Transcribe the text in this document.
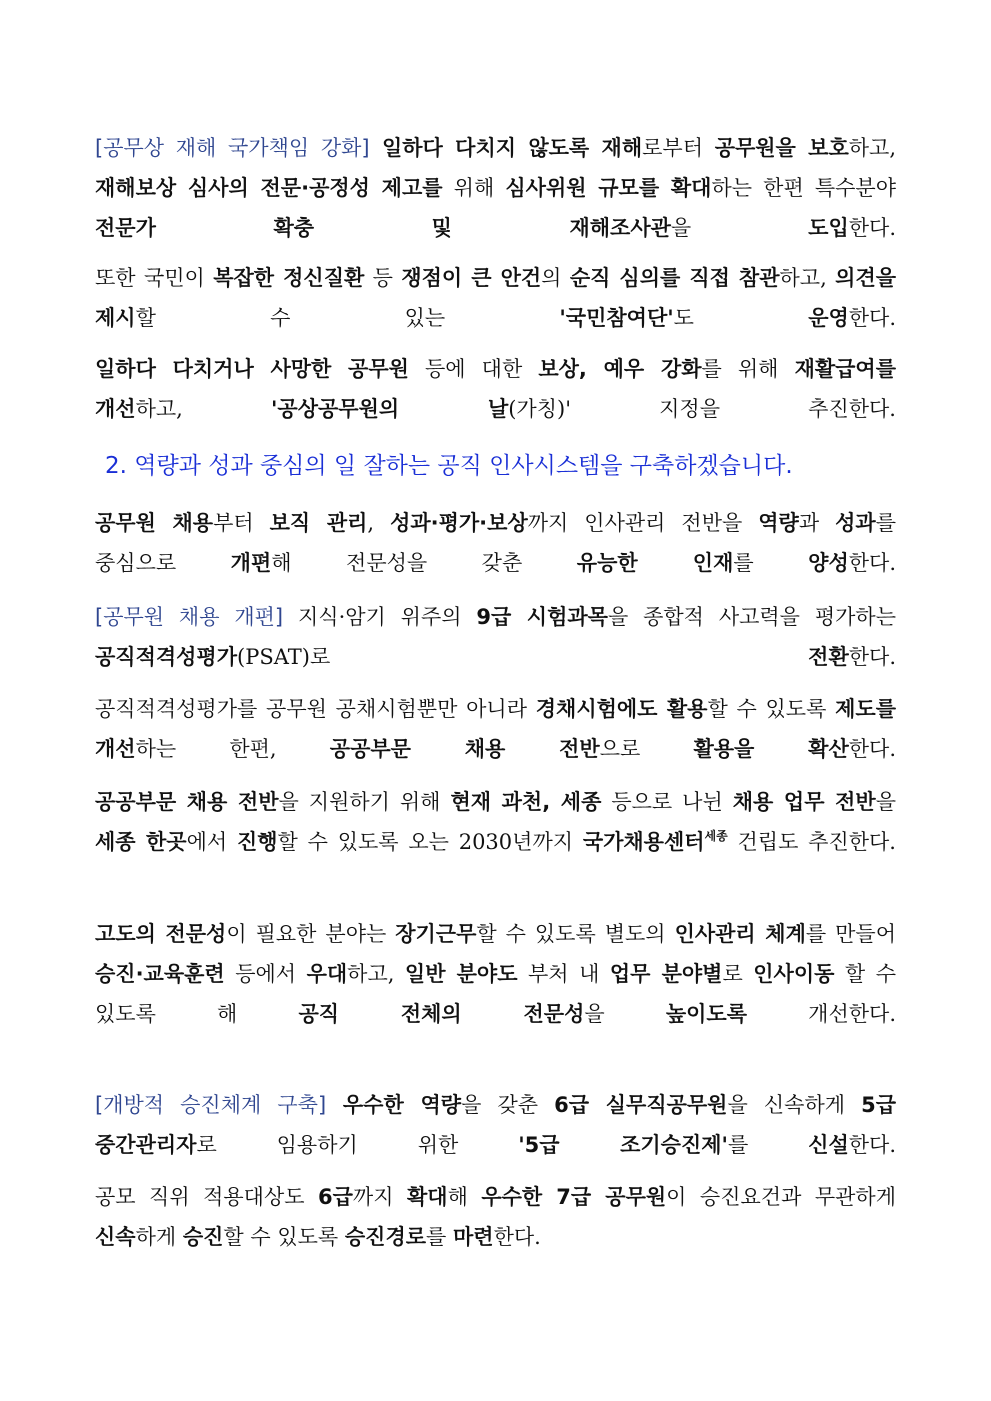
[공무상 재해 국가책임 강화] 일하다 다치지 않도록 재해로부터 공무원을 보호하고, 재해보상 심사의 전문·공정성 제고를 위해 심사위원 규모를 확대하는 한편 특수분야 전문가 확충 및 재해조사관을 도입한다.
또한 국민이 복잡한 정신질환 등 쟁점이 큰 안건의 순직 심의를 직접 참관하고, 의견을 제시할 수 있는 '국민참여단'도 운영한다.
일하다 다치거나 사망한 공무원 등에 대한 보상, 예우 강화를 위해 재활급여를 개선하고, '공상공무원의 날(가칭)' 지정을 추진한다.
2. 역량과 성과 중심의 일 잘하는 공직 인사시스템을 구축하겠습니다.
공무원 채용부터 보직 관리, 성과·평가·보상까지 인사관리 전반을 역량과 성과를 중심으로 개편해 전문성을 갖춘 유능한 인재를 양성한다.
[공무원 채용 개편] 지식·암기 위주의 9급 시험과목을 종합적 사고력을 평가하는 공직적격성평가(PSAT)로 전환한다.
공직적격성평가를 공무원 공채시험뿐만 아니라 경채시험에도 활용할 수 있도록 제도를 개선하는 한편, 공공부문 채용 전반으로 활용을 확산한다.
공공부문 채용 전반을 지원하기 위해 현재 과천, 세종 등으로 나뉜 채용 업무 전반을 세종 한곳에서 진행할 수 있도록 오는 2030년까지 국가채용센터$^{세종}$ 건립도 추진한다.
고도의 전문성이 필요한 분야는 장기근무할 수 있도록 별도의 인사관리 체계를 만들어 승진·교육훈련 등에서 우대하고, 일반 분야도 부처 내 업무 분야별로 인사이동 할 수 있도록 해 공직 전체의 전문성을 높이도록 개선한다.
[개방적 승진체계 구축] 우수한 역량을 갖춘 6급 실무직공무원을 신속하게 5급 중간관리자로 임용하기 위한 '5급 조기승진제'를 신설한다.
공모 직위 적용대상도 6급까지 확대해 우수한 7급 공무원이 승진요건과 무관하게 신속하게 승진할 수 있도록 승진경로를 마련한다.
